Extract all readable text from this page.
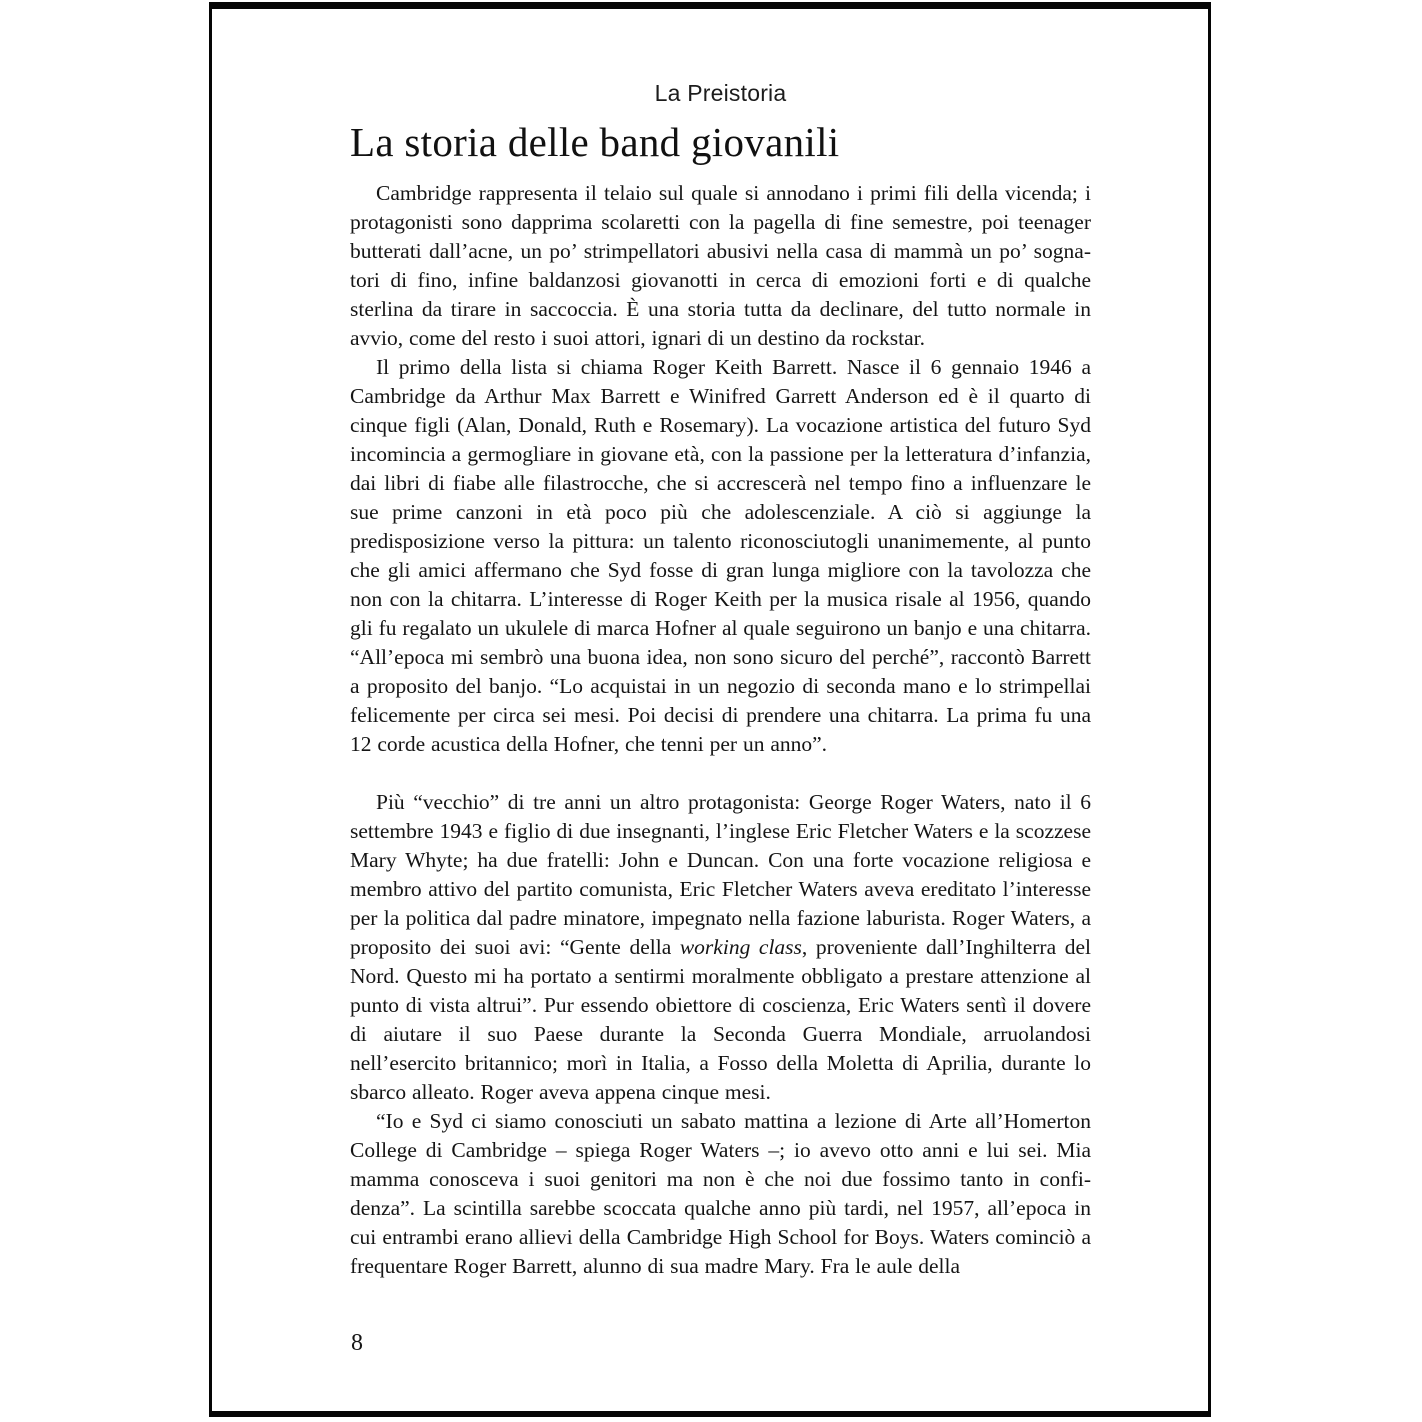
La Preistoria
La storia delle band giovanili

Cambridge rappresenta il telaio sul quale si annodano i primi fili della vicenda; i protagonisti sono dapprima scolaretti con la pagella di fine semestre, poi teenager butterati dall’acne, un po’ strimpellatori abusivi nella casa di mammà un po’ sognatori di fino, infine baldanzosi giovanotti in cerca di emozioni forti e di qualche sterlina da tirare in saccoccia. È una storia tutta da declinare, del tutto normale in avvio, come del resto i suoi attori, ignari di un destino da rockstar.

Il primo della lista si chiama Roger Keith Barrett. Nasce il 6 gennaio 1946 a Cambridge da Arthur Max Barrett e Winifred Garrett Anderson ed è il quarto di cinque figli (Alan, Donald, Ruth e Rosemary). La vocazione artistica del futuro Syd incomincia a germogliare in giovane età, con la passione per la letteratura d’infanzia, dai libri di fiabe alle filastrocche, che si accrescerà nel tempo fino a influenzare le sue prime canzoni in età poco più che adolescenziale. A ciò si aggiunge la predisposizione verso la pittura: un talento riconosciutogli unanimemente, al punto che gli amici affermano che Syd fosse di gran lunga migliore con la tavolozza che non con la chitarra. L’interesse di Roger Keith per la musica risale al 1956, quando gli fu regalato un ukulele di marca Hofner al quale seguirono un banjo e una chitarra. “All’epoca mi sembrò una buona idea, non sono sicuro del perché”, raccontò Barrett a proposito del banjo. “Lo acquistai in un negozio di seconda mano e lo strimpellai felicemente per circa sei mesi. Poi decisi di prendere una chitarra. La prima fu una 12 corde acustica della Hofner, che tenni per un anno”.

Più “vecchio” di tre anni un altro protagonista: George Roger Waters, nato il 6 settembre 1943 e figlio di due insegnanti, l’inglese Eric Fletcher Waters e la scozzese Mary Whyte; ha due fratelli: John e Duncan. Con una forte vocazione religiosa e membro attivo del partito comunista, Eric Fletcher Waters aveva ereditato l’interesse per la politica dal padre minatore, impegnato nella fazione laburista. Roger Waters, a proposito dei suoi avi: “Gente della working class, proveniente dall’Inghilterra del Nord. Questo mi ha portato a sentirmi moralmente obbligato a prestare attenzione al punto di vista altrui”. Pur essendo obiettore di coscienza, Eric Waters sentì il dovere di aiutare il suo Paese durante la Seconda Guerra Mondiale, arruolandosi nell’esercito britannico; morì in Italia, a Fosso della Moletta di Aprilia, durante lo sbarco alleato. Roger aveva appena cinque mesi.

“Io e Syd ci siamo conosciuti un sabato mattina a lezione di Arte all’Homerton College di Cambridge – spiega Roger Waters –; io avevo otto anni e lui sei. Mia mamma conosceva i suoi genitori ma non è che noi due fossimo tanto in confidenza”. La scintilla sarebbe scoccata qualche anno più tardi, nel 1957, all’epoca in cui entrambi erano allievi della Cambridge High School for Boys. Waters cominciò a frequentare Roger Barrett, alunno di sua madre Mary. Fra le aule della

8
